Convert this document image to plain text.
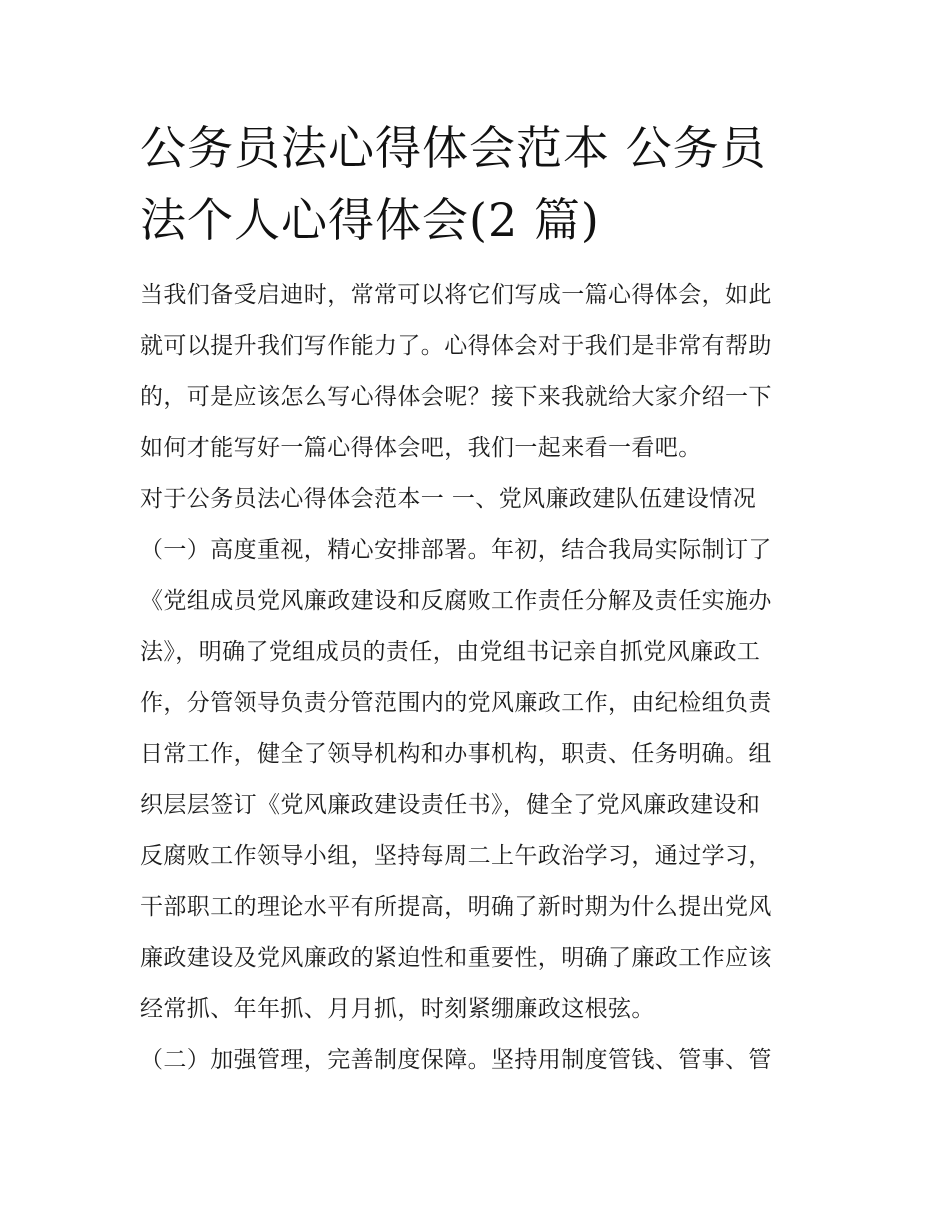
公务员法心得体会范本 公务员
法个人心得体会(2 篇)
当我们备受启迪时，常常可以将它们写成一篇心得体会，如此
就可以提升我们写作能力了。心得体会对于我们是非常有帮助
的，可是应该怎么写心得体会呢？接下来我就给大家介绍一下
如何才能写好一篇心得体会吧，我们一起来看一看吧。
对于公务员法心得体会范本一 一、党风廉政建队伍建设情况
（一）高度重视，精心安排部署。年初，结合我局实际制订了
《党组成员党风廉政建设和反腐败工作责任分解及责任实施办
法》，明确了党组成员的责任，由党组书记亲自抓党风廉政工
作，分管领导负责分管范围内的党风廉政工作，由纪检组负责
日常工作，健全了领导机构和办事机构，职责、任务明确。组
织层层签订《党风廉政建设责任书》，健全了党风廉政建设和
反腐败工作领导小组，坚持每周二上午政治学习，通过学习，
干部职工的理论水平有所提高，明确了新时期为什么提出党风
廉政建设及党风廉政的紧迫性和重要性，明确了廉政工作应该
经常抓、年年抓、月月抓，时刻紧绷廉政这根弦。
（二）加强管理，完善制度保障。坚持用制度管钱、管事、管
